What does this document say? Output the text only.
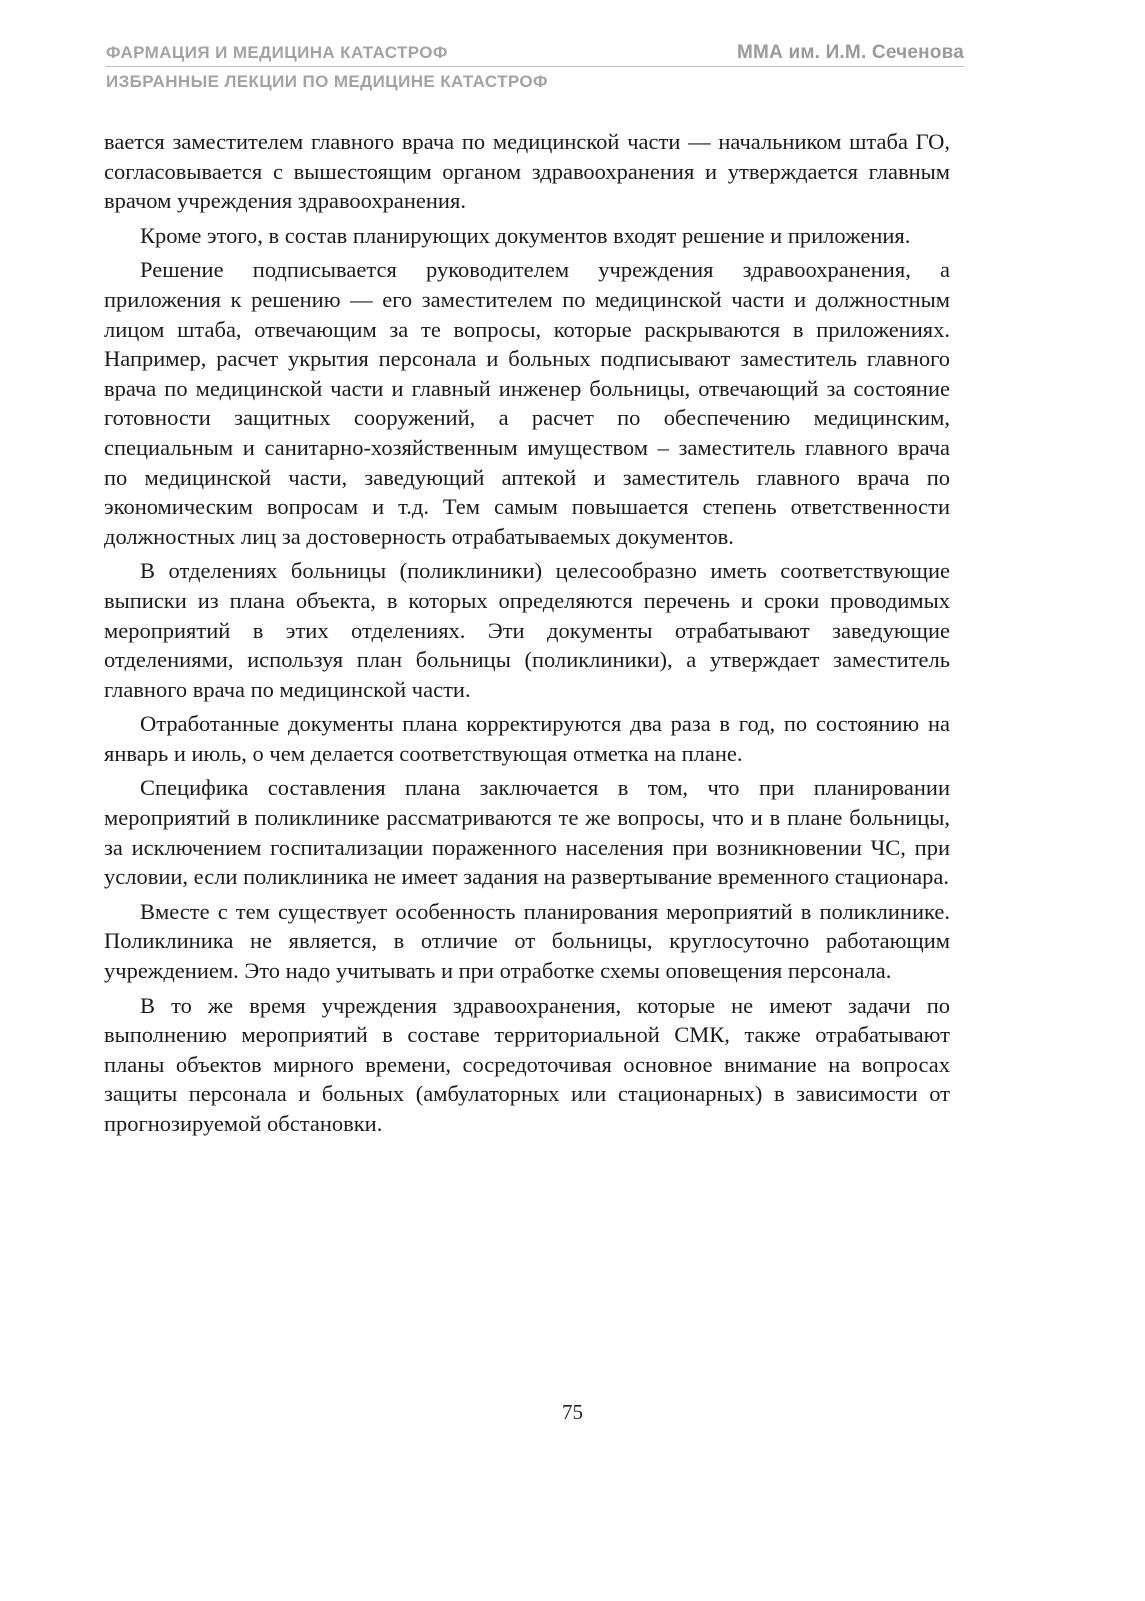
ФАРМАЦИЯ И МЕДИЦИНА КАТАСТРОФ	ММА им. И.М. Сеченова
ИЗБРАННЫЕ ЛЕКЦИИ ПО МЕДИЦИНЕ КАТАСТРОФ

вается заместителем главного врача по медицинской части — начальником штаба ГО, согласовывается с вышестоящим органом здравоохранения и утверждается главным врачом учреждения здравоохранения.

Кроме этого, в состав планирующих документов входят решение и приложения.

Решение подписывается руководителем учреждения здравоохранения, а приложения к решению — его заместителем по медицинской части и должностным лицом штаба, отвечающим за те вопросы, которые раскрываются в приложениях. Например, расчет укрытия персонала и больных подписывают заместитель главного врача по медицинской части и главный инженер больницы, отвечающий за состояние готовности защитных сооружений, а расчет по обеспечению медицинским, специальным и санитарно-хозяйственным имуществом – заместитель главного врача по медицинской части, заведующий аптекой и заместитель главного врача по экономическим вопросам и т.д. Тем самым повышается степень ответственности должностных лиц за достоверность отрабатываемых документов.

В отделениях больницы (поликлиники) целесообразно иметь соответствующие выписки из плана объекта, в которых определяются перечень и сроки проводимых мероприятий в этих отделениях. Эти документы отрабатывают заведующие отделениями, используя план больницы (поликлиники), а утверждает заместитель главного врача по медицинской части.

Отработанные документы плана корректируются два раза в год, по состоянию на январь и июль, о чем делается соответствующая отметка на плане.

Специфика составления плана заключается в том, что при планировании мероприятий в поликлинике рассматриваются те же вопросы, что и в плане больницы, за исключением госпитализации пораженного населения при возникновении ЧС, при условии, если поликлиника не имеет задания на развертывание временного стационара.

Вместе с тем существует особенность планирования мероприятий в поликлинике. Поликлиника не является, в отличие от больницы, круглосуточно работающим учреждением. Это надо учитывать и при отработке схемы оповещения персонала.

В то же время учреждения здравоохранения, которые не имеют задачи по выполнению мероприятий в составе территориальной СМК, также отрабатывают планы объектов мирного времени, сосредоточивая основное внимание на вопросах защиты персонала и больных (амбулаторных или стационарных) в зависимости от прогнозируемой обстановки.

75
